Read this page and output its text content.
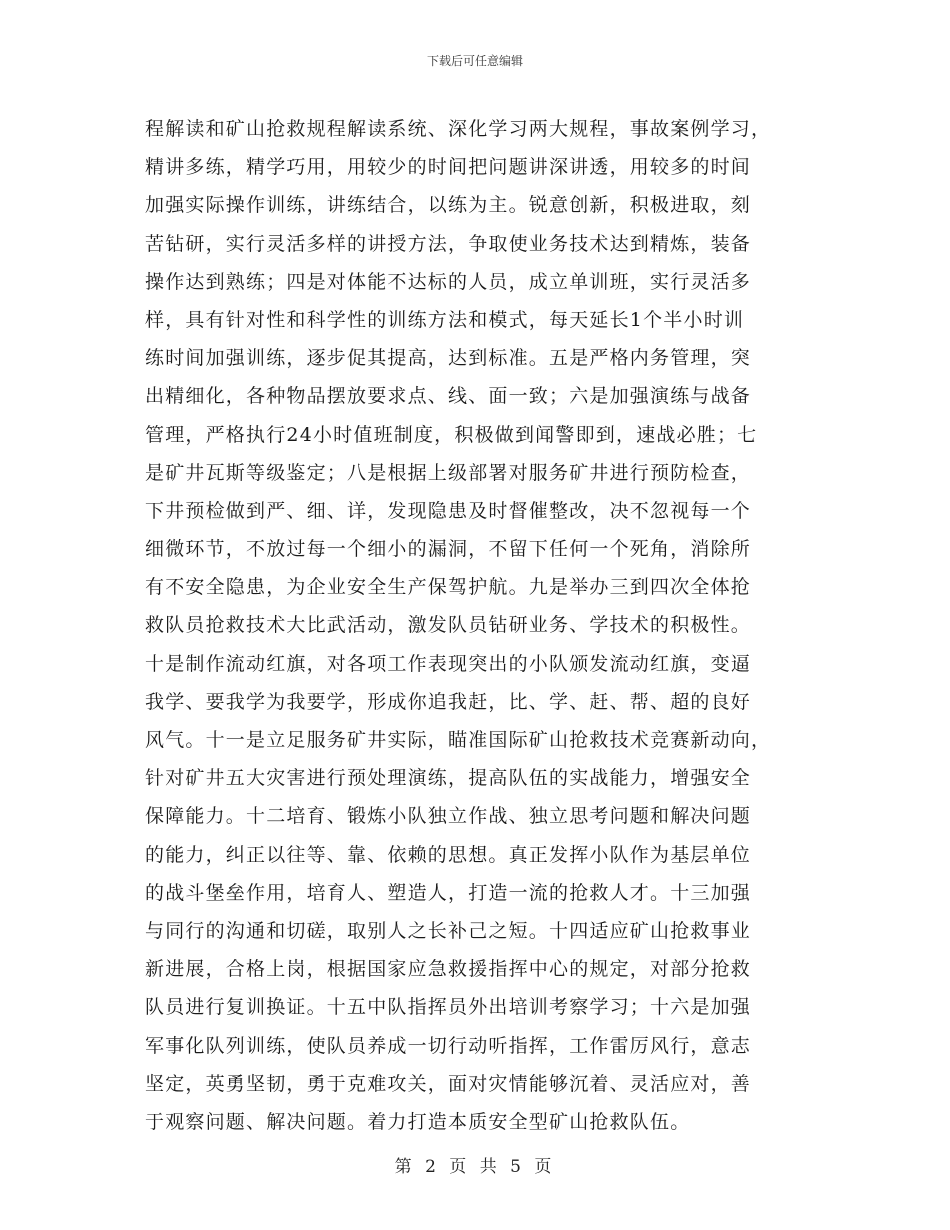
下载后可任意编辑
程解读和矿山抢救规程解读系统、深化学习两大规程，事故案例学习，
精讲多练，精学巧用，用较少的时间把问题讲深讲透，用较多的时间
加强实际操作训练，讲练结合，以练为主。锐意创新，积极进取，刻
苦钻研，实行灵活多样的讲授方法，争取使业务技术达到精炼，装备
操作达到熟练；四是对体能不达标的人员，成立单训班，实行灵活多
样，具有针对性和科学性的训练方法和模式，每天延长1个半小时训
练时间加强训练，逐步促其提高，达到标准。五是严格内务管理，突
出精细化，各种物品摆放要求点、线、面一致；六是加强演练与战备
管理，严格执行24小时值班制度，积极做到闻警即到，速战必胜；七
是矿井瓦斯等级鉴定；八是根据上级部署对服务矿井进行预防检查，
下井预检做到严、细、详，发现隐患及时督催整改，决不忽视每一个
细微环节，不放过每一个细小的漏洞，不留下任何一个死角，消除所
有不安全隐患，为企业安全生产保驾护航。九是举办三到四次全体抢
救队员抢救技术大比武活动，激发队员钻研业务、学技术的积极性。
十是制作流动红旗，对各项工作表现突出的小队颁发流动红旗，变逼
我学、要我学为我要学，形成你追我赶，比、学、赶、帮、超的良好
风气。十一是立足服务矿井实际，瞄准国际矿山抢救技术竞赛新动向，
针对矿井五大灾害进行预处理演练，提高队伍的实战能力，增强安全
保障能力。十二培育、锻炼小队独立作战、独立思考问题和解决问题
的能力，纠正以往等、靠、依赖的思想。真正发挥小队作为基层单位
的战斗堡垒作用，培育人、塑造人，打造一流的抢救人才。十三加强
与同行的沟通和切磋，取别人之长补己之短。十四适应矿山抢救事业
新进展，合格上岗，根据国家应急救援指挥中心的规定，对部分抢救
队员进行复训换证。十五中队指挥员外出培训考察学习；十六是加强
军事化队列训练，使队员养成一切行动听指挥，工作雷厉风行，意志
坚定，英勇坚韧，勇于克难攻关，面对灾情能够沉着、灵活应对，善
于观察问题、解决问题。着力打造本质安全型矿山抢救队伍。
第 2 页 共 5 页
